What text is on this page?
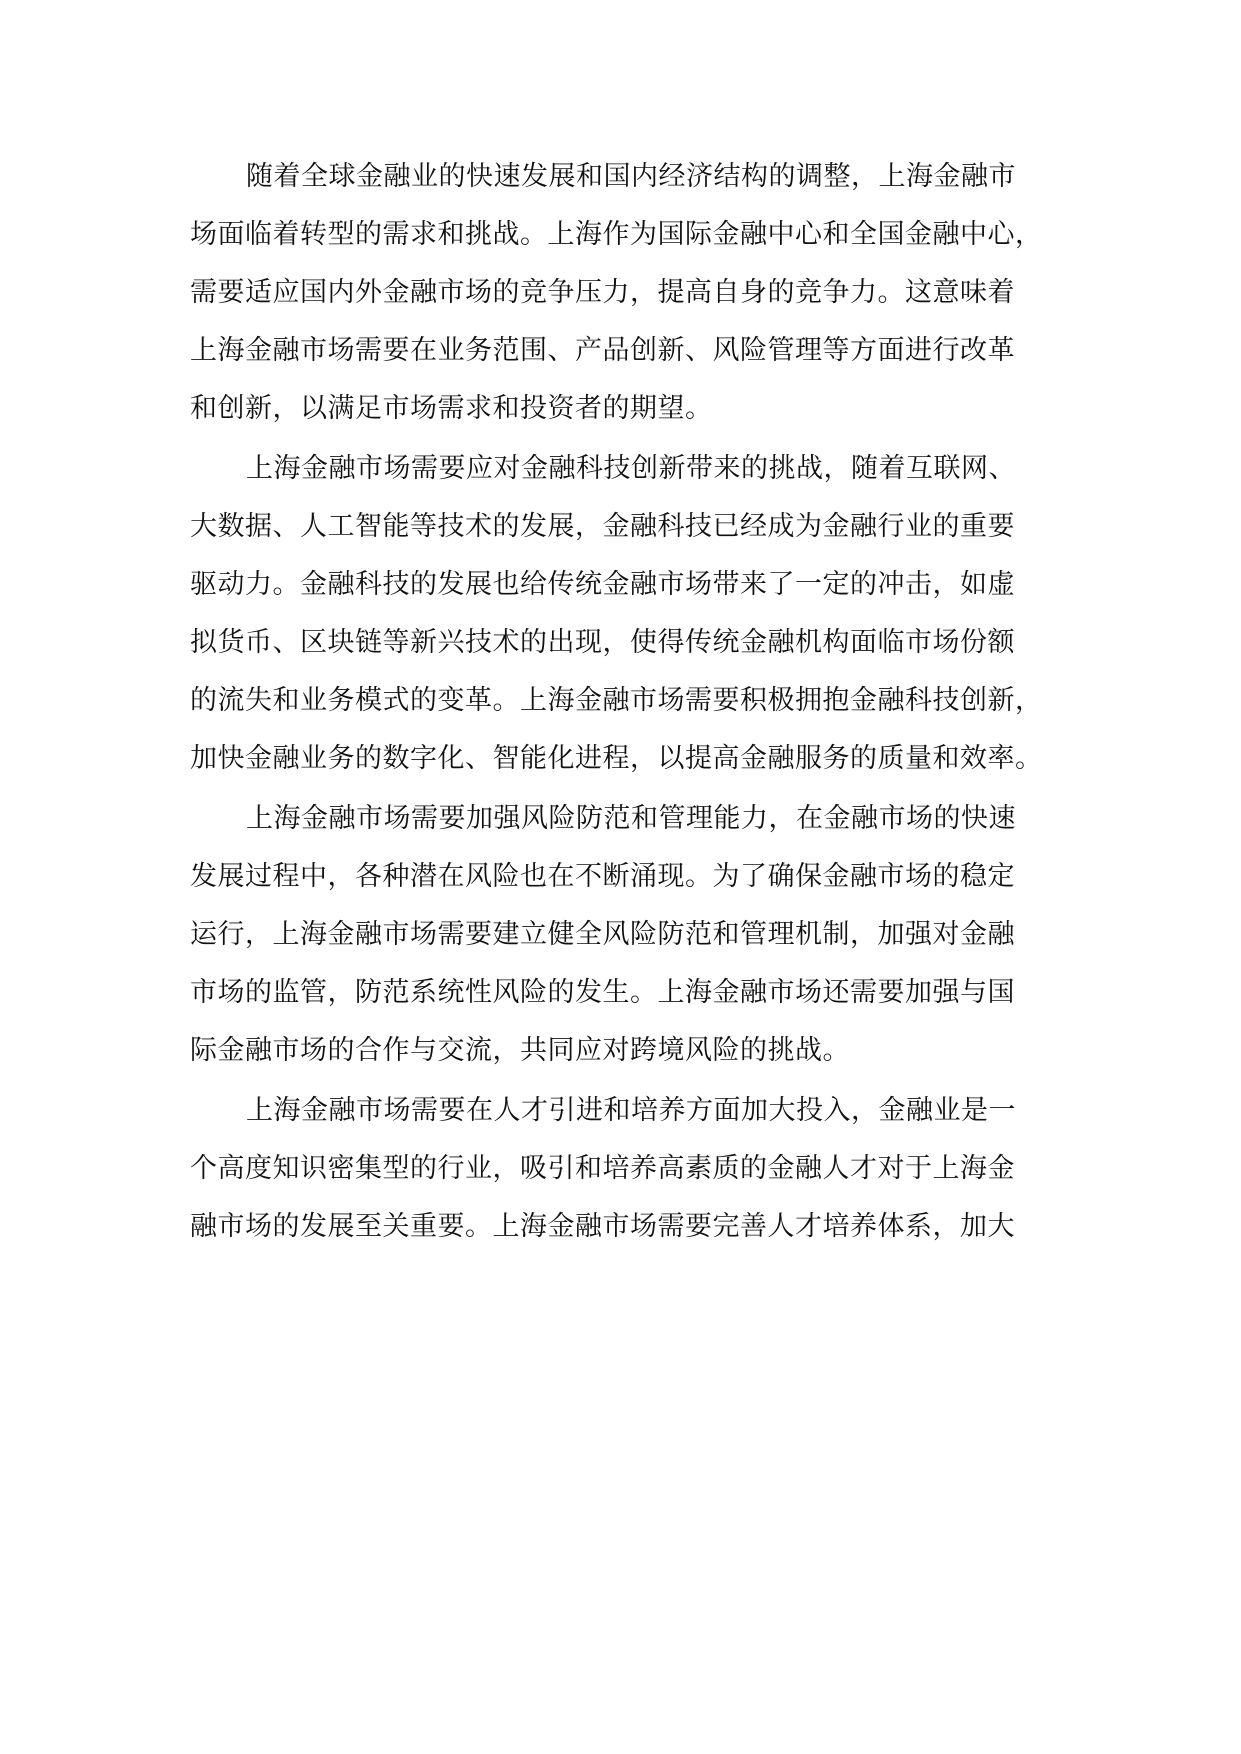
随着全球金融业的快速发展和国内经济结构的调整，上海金融市
场面临着转型的需求和挑战。上海作为国际金融中心和全国金融中心，
需要适应国内外金融市场的竞争压力，提高自身的竞争力。这意味着
上海金融市场需要在业务范围、产品创新、风险管理等方面进行改革
和创新，以满足市场需求和投资者的期望。
上海金融市场需要应对金融科技创新带来的挑战，随着互联网、
大数据、人工智能等技术的发展，金融科技已经成为金融行业的重要
驱动力。金融科技的发展也给传统金融市场带来了一定的冲击，如虚
拟货币、区块链等新兴技术的出现，使得传统金融机构面临市场份额
的流失和业务模式的变革。上海金融市场需要积极拥抱金融科技创新，
加快金融业务的数字化、智能化进程，以提高金融服务的质量和效率。
上海金融市场需要加强风险防范和管理能力，在金融市场的快速
发展过程中，各种潜在风险也在不断涌现。为了确保金融市场的稳定
运行，上海金融市场需要建立健全风险防范和管理机制，加强对金融
市场的监管，防范系统性风险的发生。上海金融市场还需要加强与国
际金融市场的合作与交流，共同应对跨境风险的挑战。
上海金融市场需要在人才引进和培养方面加大投入，金融业是一
个高度知识密集型的行业，吸引和培养高素质的金融人才对于上海金
融市场的发展至关重要。上海金融市场需要完善人才培养体系，加大
